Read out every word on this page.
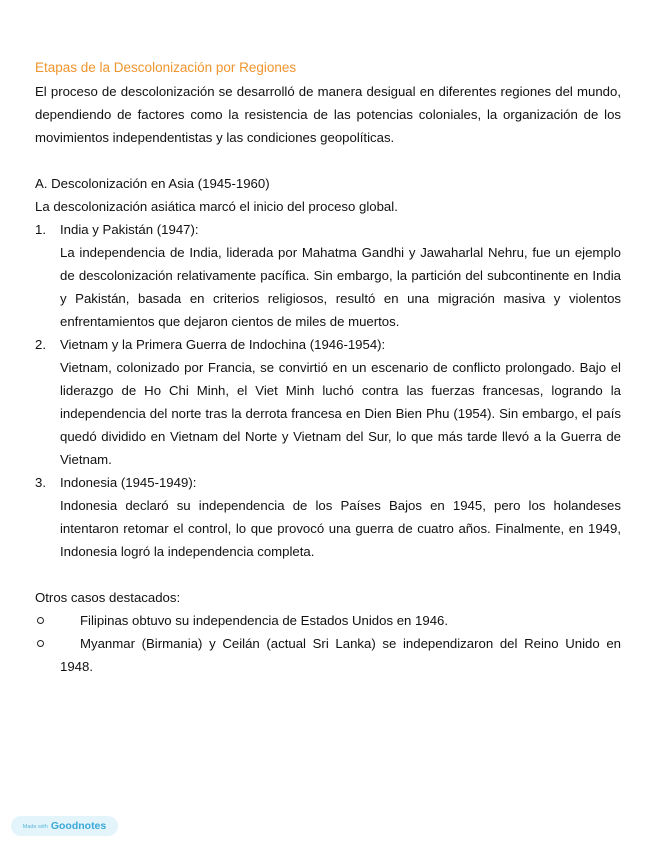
Etapas de la Descolonización por Regiones

El proceso de descolonización se desarrolló de manera desigual en diferentes regiones del mundo, dependiendo de factores como la resistencia de las potencias coloniales, la organización de los movimientos independentistas y las condiciones geopolíticas.

A. Descolonización en Asia (1945-1960)

La descolonización asiática marcó el inicio del proceso global.

1. India y Pakistán (1947):

La independencia de India, liderada por Mahatma Gandhi y Jawaharlal Nehru, fue un ejemplo de descolonización relativamente pacífica. Sin embargo, la partición del subcontinente en India y Pakistán, basada en criterios religiosos, resultó en una migración masiva y violentos enfrentamientos que dejaron cientos de miles de muertos.

2. Vietnam y la Primera Guerra de Indochina (1946-1954):

Vietnam, colonizado por Francia, se convirtió en un escenario de conflicto prolongado. Bajo el liderazgo de Ho Chi Minh, el Viet Minh luchó contra las fuerzas francesas, logrando la independencia del norte tras la derrota francesa en Dien Bien Phu (1954). Sin embargo, el país quedó dividido en Vietnam del Norte y Vietnam del Sur, lo que más tarde llevó a la Guerra de Vietnam.

3. Indonesia (1945-1949):

Indonesia declaró su independencia de los Países Bajos en 1945, pero los holandeses intentaron retomar el control, lo que provocó una guerra de cuatro años. Finalmente, en 1949, Indonesia logró la independencia completa.

Otros casos destacados:

Filipinas obtuvo su independencia de Estados Unidos en 1946.
Myanmar (Birmania) y Ceilán (actual Sri Lanka) se independizaron del Reino Unido en 1948.
Made with Goodnotes
